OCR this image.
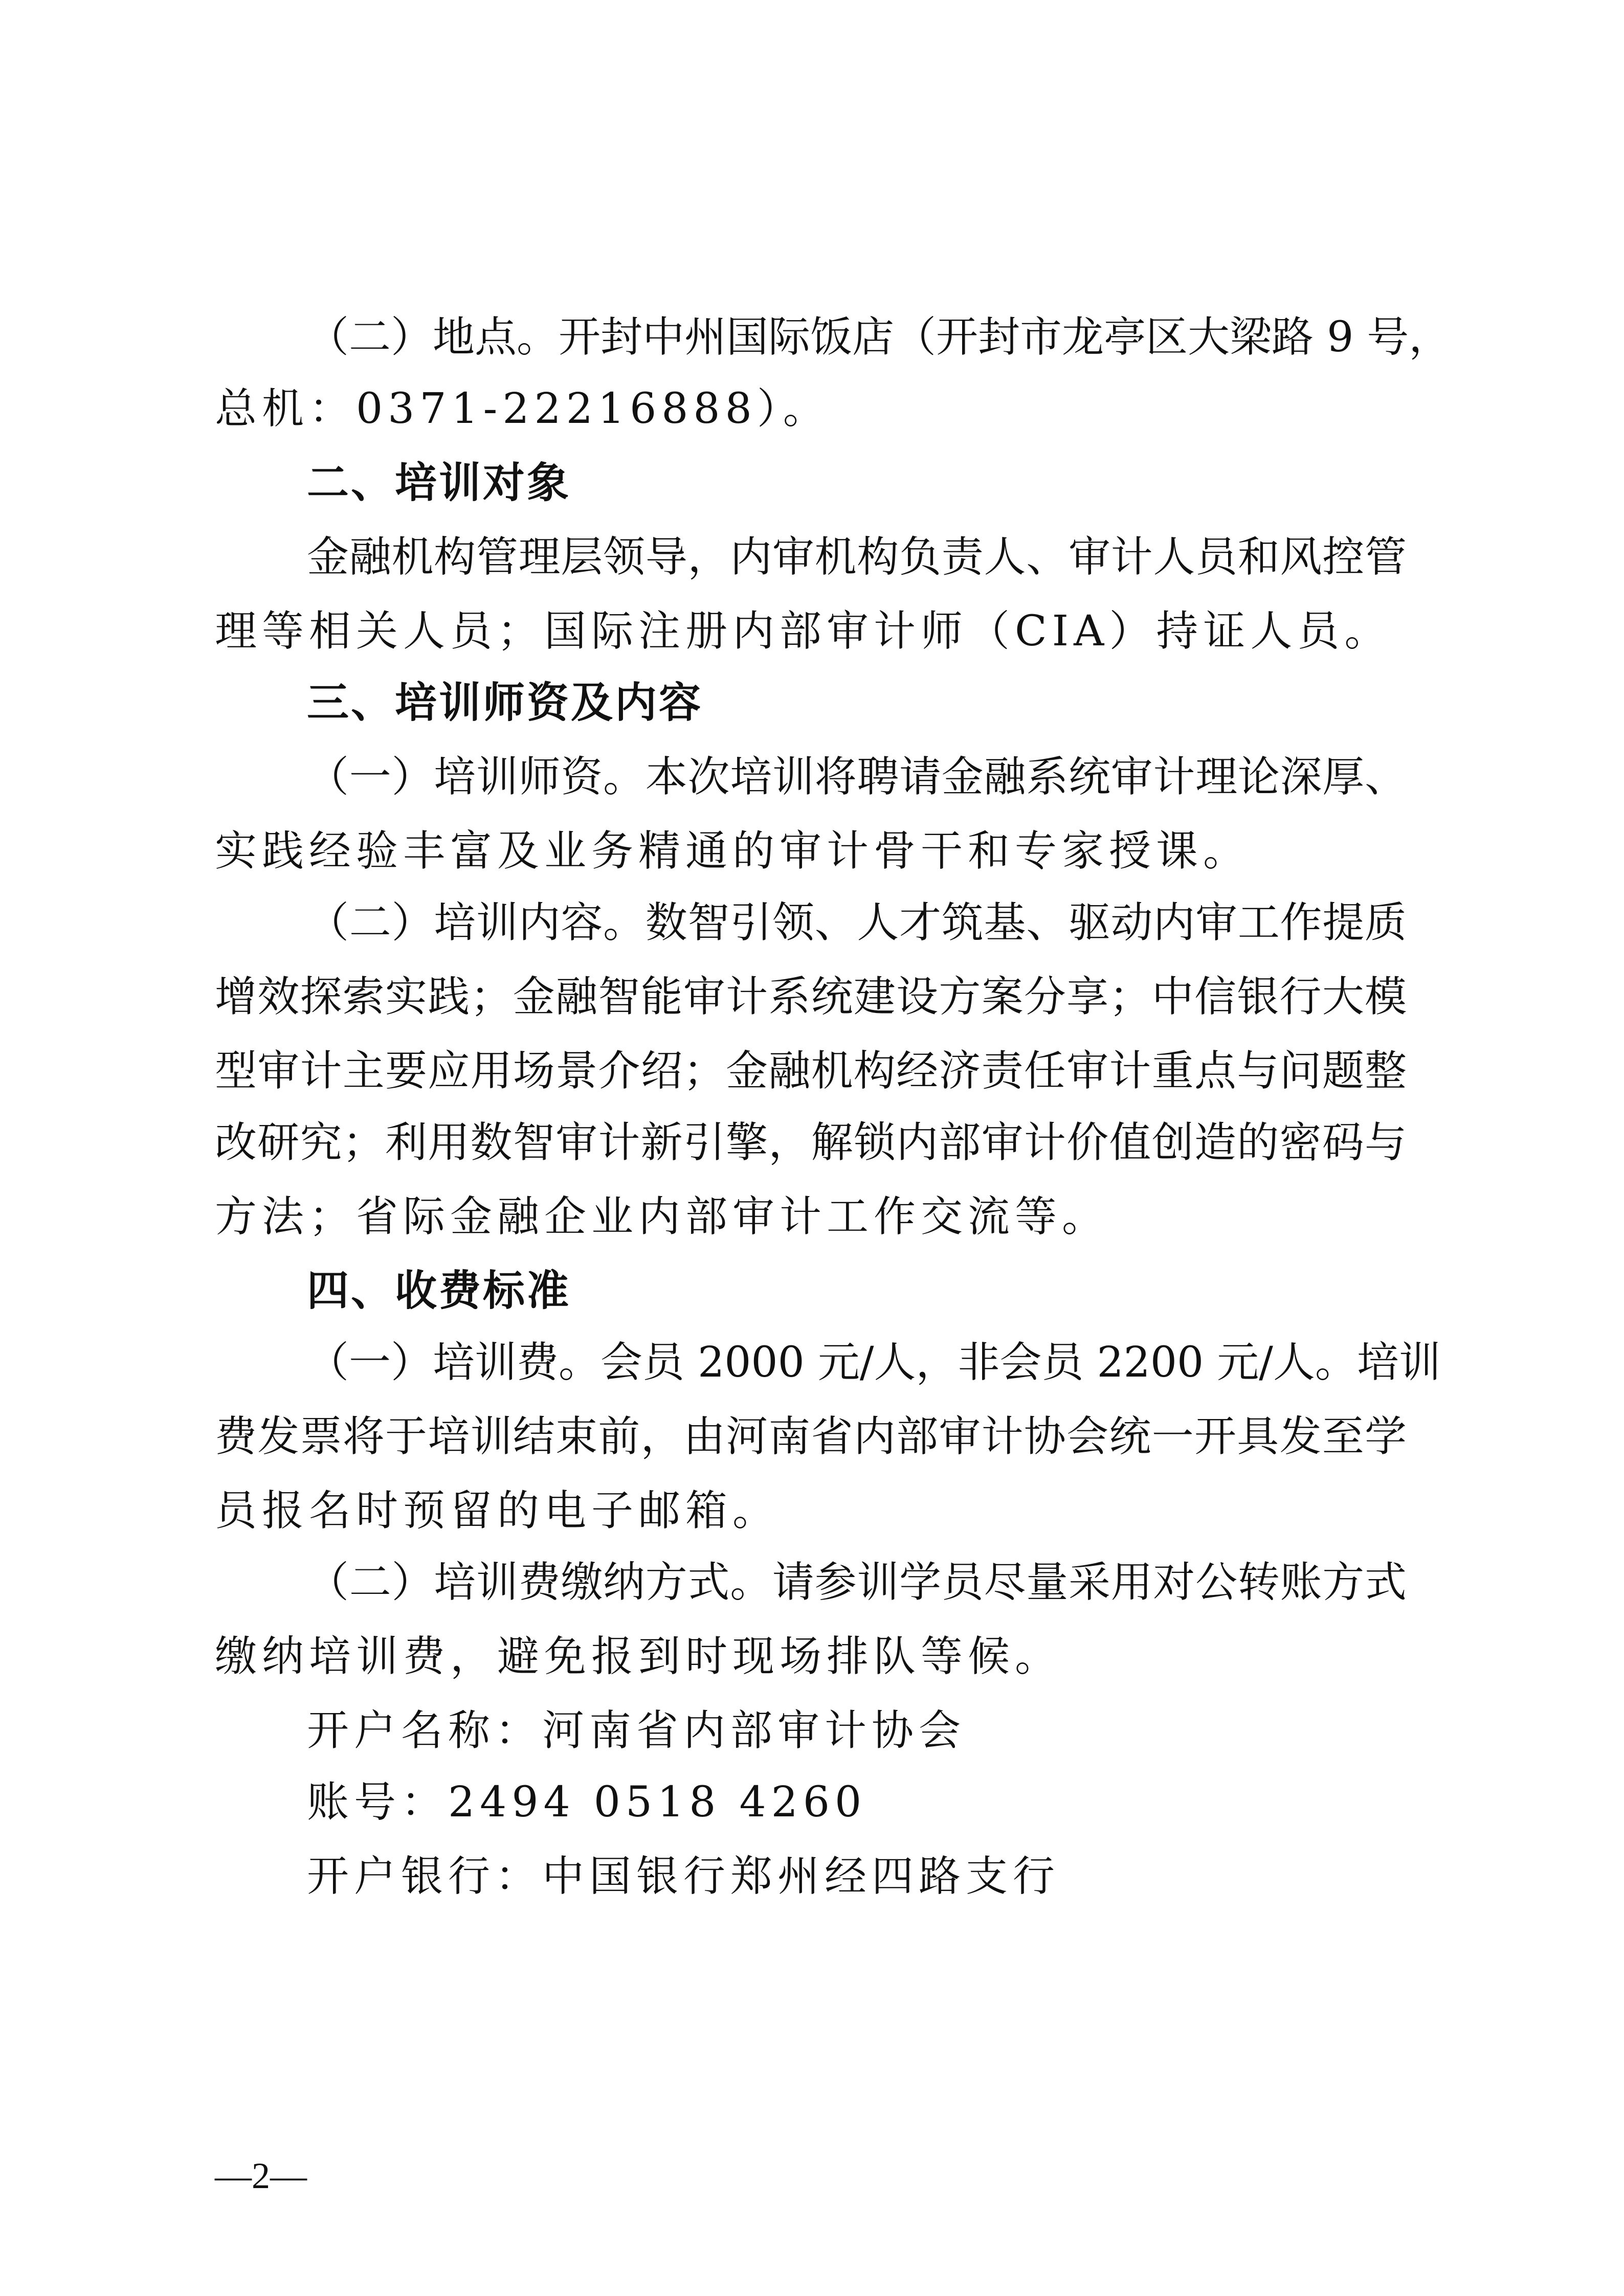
（二）地点。开封中州国际饭店（开封市龙亭区大梁路 9 号，
总机：0371-22216888）。
二、培训对象
金融机构管理层领导，内审机构负责人、审计人员和风控管
理等相关人员；国际注册内部审计师（CIA）持证人员。
三、培训师资及内容
（一）培训师资。本次培训将聘请金融系统审计理论深厚、
实践经验丰富及业务精通的审计骨干和专家授课。
（二）培训内容。数智引领、人才筑基、驱动内审工作提质
增效探索实践；金融智能审计系统建设方案分享；中信银行大模
型审计主要应用场景介绍；金融机构经济责任审计重点与问题整
改研究；利用数智审计新引擎，解锁内部审计价值创造的密码与
方法；省际金融企业内部审计工作交流等。
四、收费标准
（一）培训费。会员 2000 元/人，非会员 2200 元/人。培训
费发票将于培训结束前，由河南省内部审计协会统一开具发至学
员报名时预留的电子邮箱。
（二）培训费缴纳方式。请参训学员尽量采用对公转账方式
缴纳培训费，避免报到时现场排队等候。
开户名称：河南省内部审计协会
账号：2494 0518 4260
开户银行：中国银行郑州经四路支行
—2—
